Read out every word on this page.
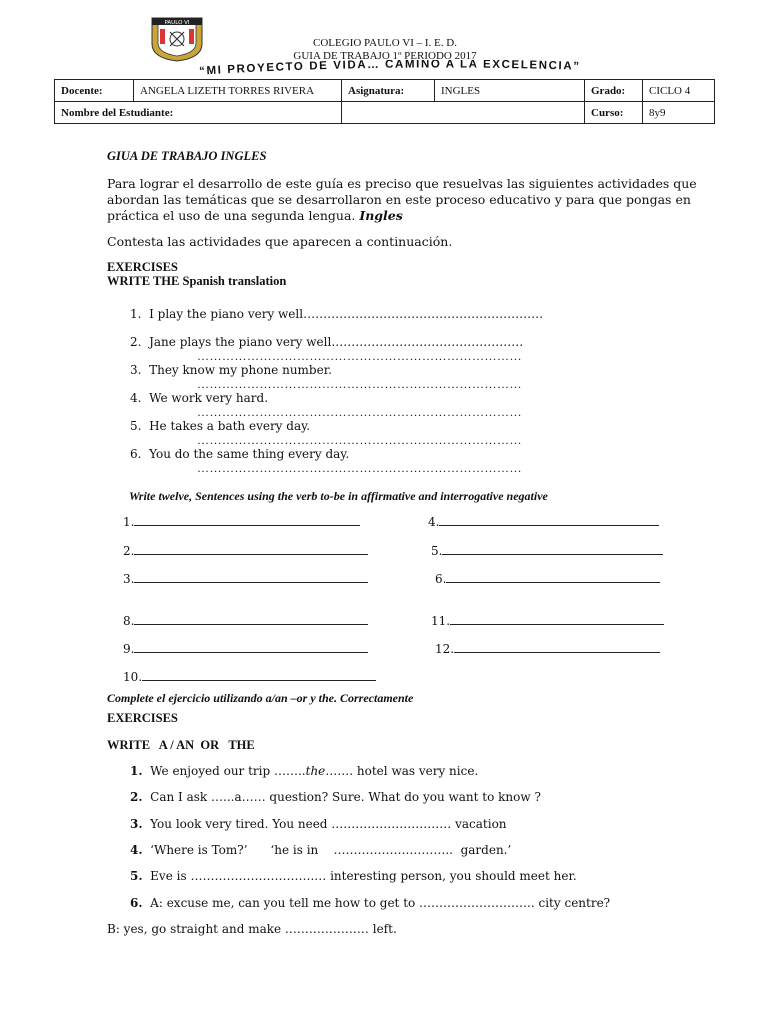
PAULO VI
COLEGIO PAULO VI – I. E. D.
GUIA DE TRABAJO 1º PERIODO 2017
“MI PROYECTO DE VIDA… CAMINO A LA EXCELENCIA”
Docente:	ANGELA LIZETH TORRES RIVERA	Asignatura:	INGLES	Grado:	CICLO 4
Nombre del Estudiante:				Curso:	8y9
GIUA DE TRABAJO INGLES
Para lograr el desarrollo de este guía es preciso que resuelvas las siguientes actividades que
abordan las temáticas que se desarrollaron en este proceso educativo y para que pongas en
práctica el uso de una segunda lengua. Ingles
Contesta las actividades que aparecen a continuación.
EXERCISES
WRITE THE Spanish translation
1. I play the piano very well……………………………………………………
2. Jane plays the piano very well…………………………………………
……………………………………………………………………
3. They know my phone number.
……………………………………………………………………
4. We work very hard.
……………………………………………………………………
5. He takes a bath every day.
……………………………………………………………………
6. You do the same thing every day.
……………………………………………………………………
Write twelve, Sentences using the verb to-be in affirmative and interrogative negative
1.	4.
2.	5.
3.	6.
8.	11.
9.	12.
10.
Complete el ejercicio utilizando a/an –or y the. Correctamente
EXERCISES
WRITE   A / AN  OR   THE
1. We enjoyed our trip ……..the……. hotel was very nice.
2. Can I ask …...a…… question? Sure. What do you want to know ?
3. You look very tired. You need ………………………… vacation
4. ‘Where is Tom?’      ‘he is in    ……………….………..  garden.’
5. Eve is ………………………….… interesting person, you should meet her.
6. A: excuse me, can you tell me how to get to ……………………….. city centre?
B: yes, go straight and make ………………… left.
